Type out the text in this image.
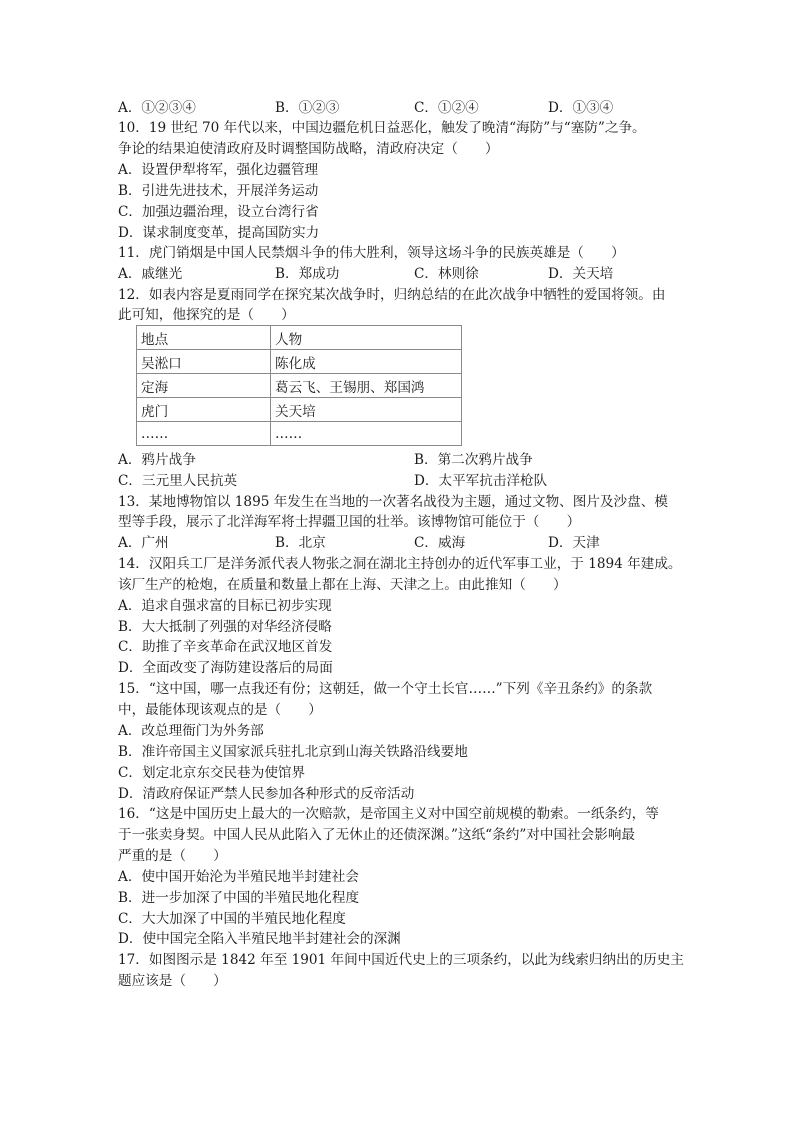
A．①②③④	B．①②③	C．①②④	D．①③④
10．19 世纪 70 年代以来，中国边疆危机日益恶化，触发了晚清“海防”与“塞防”之争。
争论的结果迫使清政府及时调整国防战略，清政府决定（　　）
A．设置伊犁将军，强化边疆管理
B．引进先进技术，开展洋务运动
C．加强边疆治理，设立台湾行省
D．谋求制度变革，提高国防实力
11．虎门销烟是中国人民禁烟斗争的伟大胜利，领导这场斗争的民族英雄是（　　）
A．戚继光	B．郑成功	C．林则徐	D．关天培
12．如表内容是夏雨同学在探究某次战争时，归纳总结的在此次战争中牺牲的爱国将领。由
此可知，他探究的是（　　）
地点	人物
吴淞口	陈化成
定海	葛云飞、王锡朋、郑国鸿
虎门	关天培
……	……
A．鸦片战争	B．第二次鸦片战争
C．三元里人民抗英	D．太平军抗击洋枪队
13．某地博物馆以 1895 年发生在当地的一次著名战役为主题，通过文物、图片及沙盘、模
型等手段，展示了北洋海军将士捍疆卫国的壮举。该博物馆可能位于（　　）
A．广州	B．北京	C．威海	D．天津
14．汉阳兵工厂是洋务派代表人物张之洞在湖北主持创办的近代军事工业，于 1894 年建成。
该厂生产的枪炮，在质量和数量上都在上海、天津之上。由此推知（　　）
A．追求自强求富的目标已初步实现
B．大大抵制了列强的对华经济侵略
C．助推了辛亥革命在武汉地区首发
D．全面改变了海防建设落后的局面
15．“这中国，哪一点我还有份；这朝廷，做一个守土长官……”下列《辛丑条约》的条款
中，最能体现该观点的是（　　）
A．改总理衙门为外务部
B．准许帝国主义国家派兵驻扎北京到山海关铁路沿线要地
C．划定北京东交民巷为使馆界
D．清政府保证严禁人民参加各种形式的反帝活动
16．“这是中国历史上最大的一次赔款，是帝国主义对中国空前规模的勒索。一纸条约，等
于一张卖身契。中国人民从此陷入了无休止的还债深渊。”这纸“条约”对中国社会影响最
严重的是（　　）
A．使中国开始沦为半殖民地半封建社会
B．进一步加深了中国的半殖民地化程度
C．大大加深了中国的半殖民地化程度
D．使中国完全陷入半殖民地半封建社会的深渊
17．如图图示是 1842 年至 1901 年间中国近代史上的三项条约，以此为线索归纳出的历史主
题应该是（　　）
